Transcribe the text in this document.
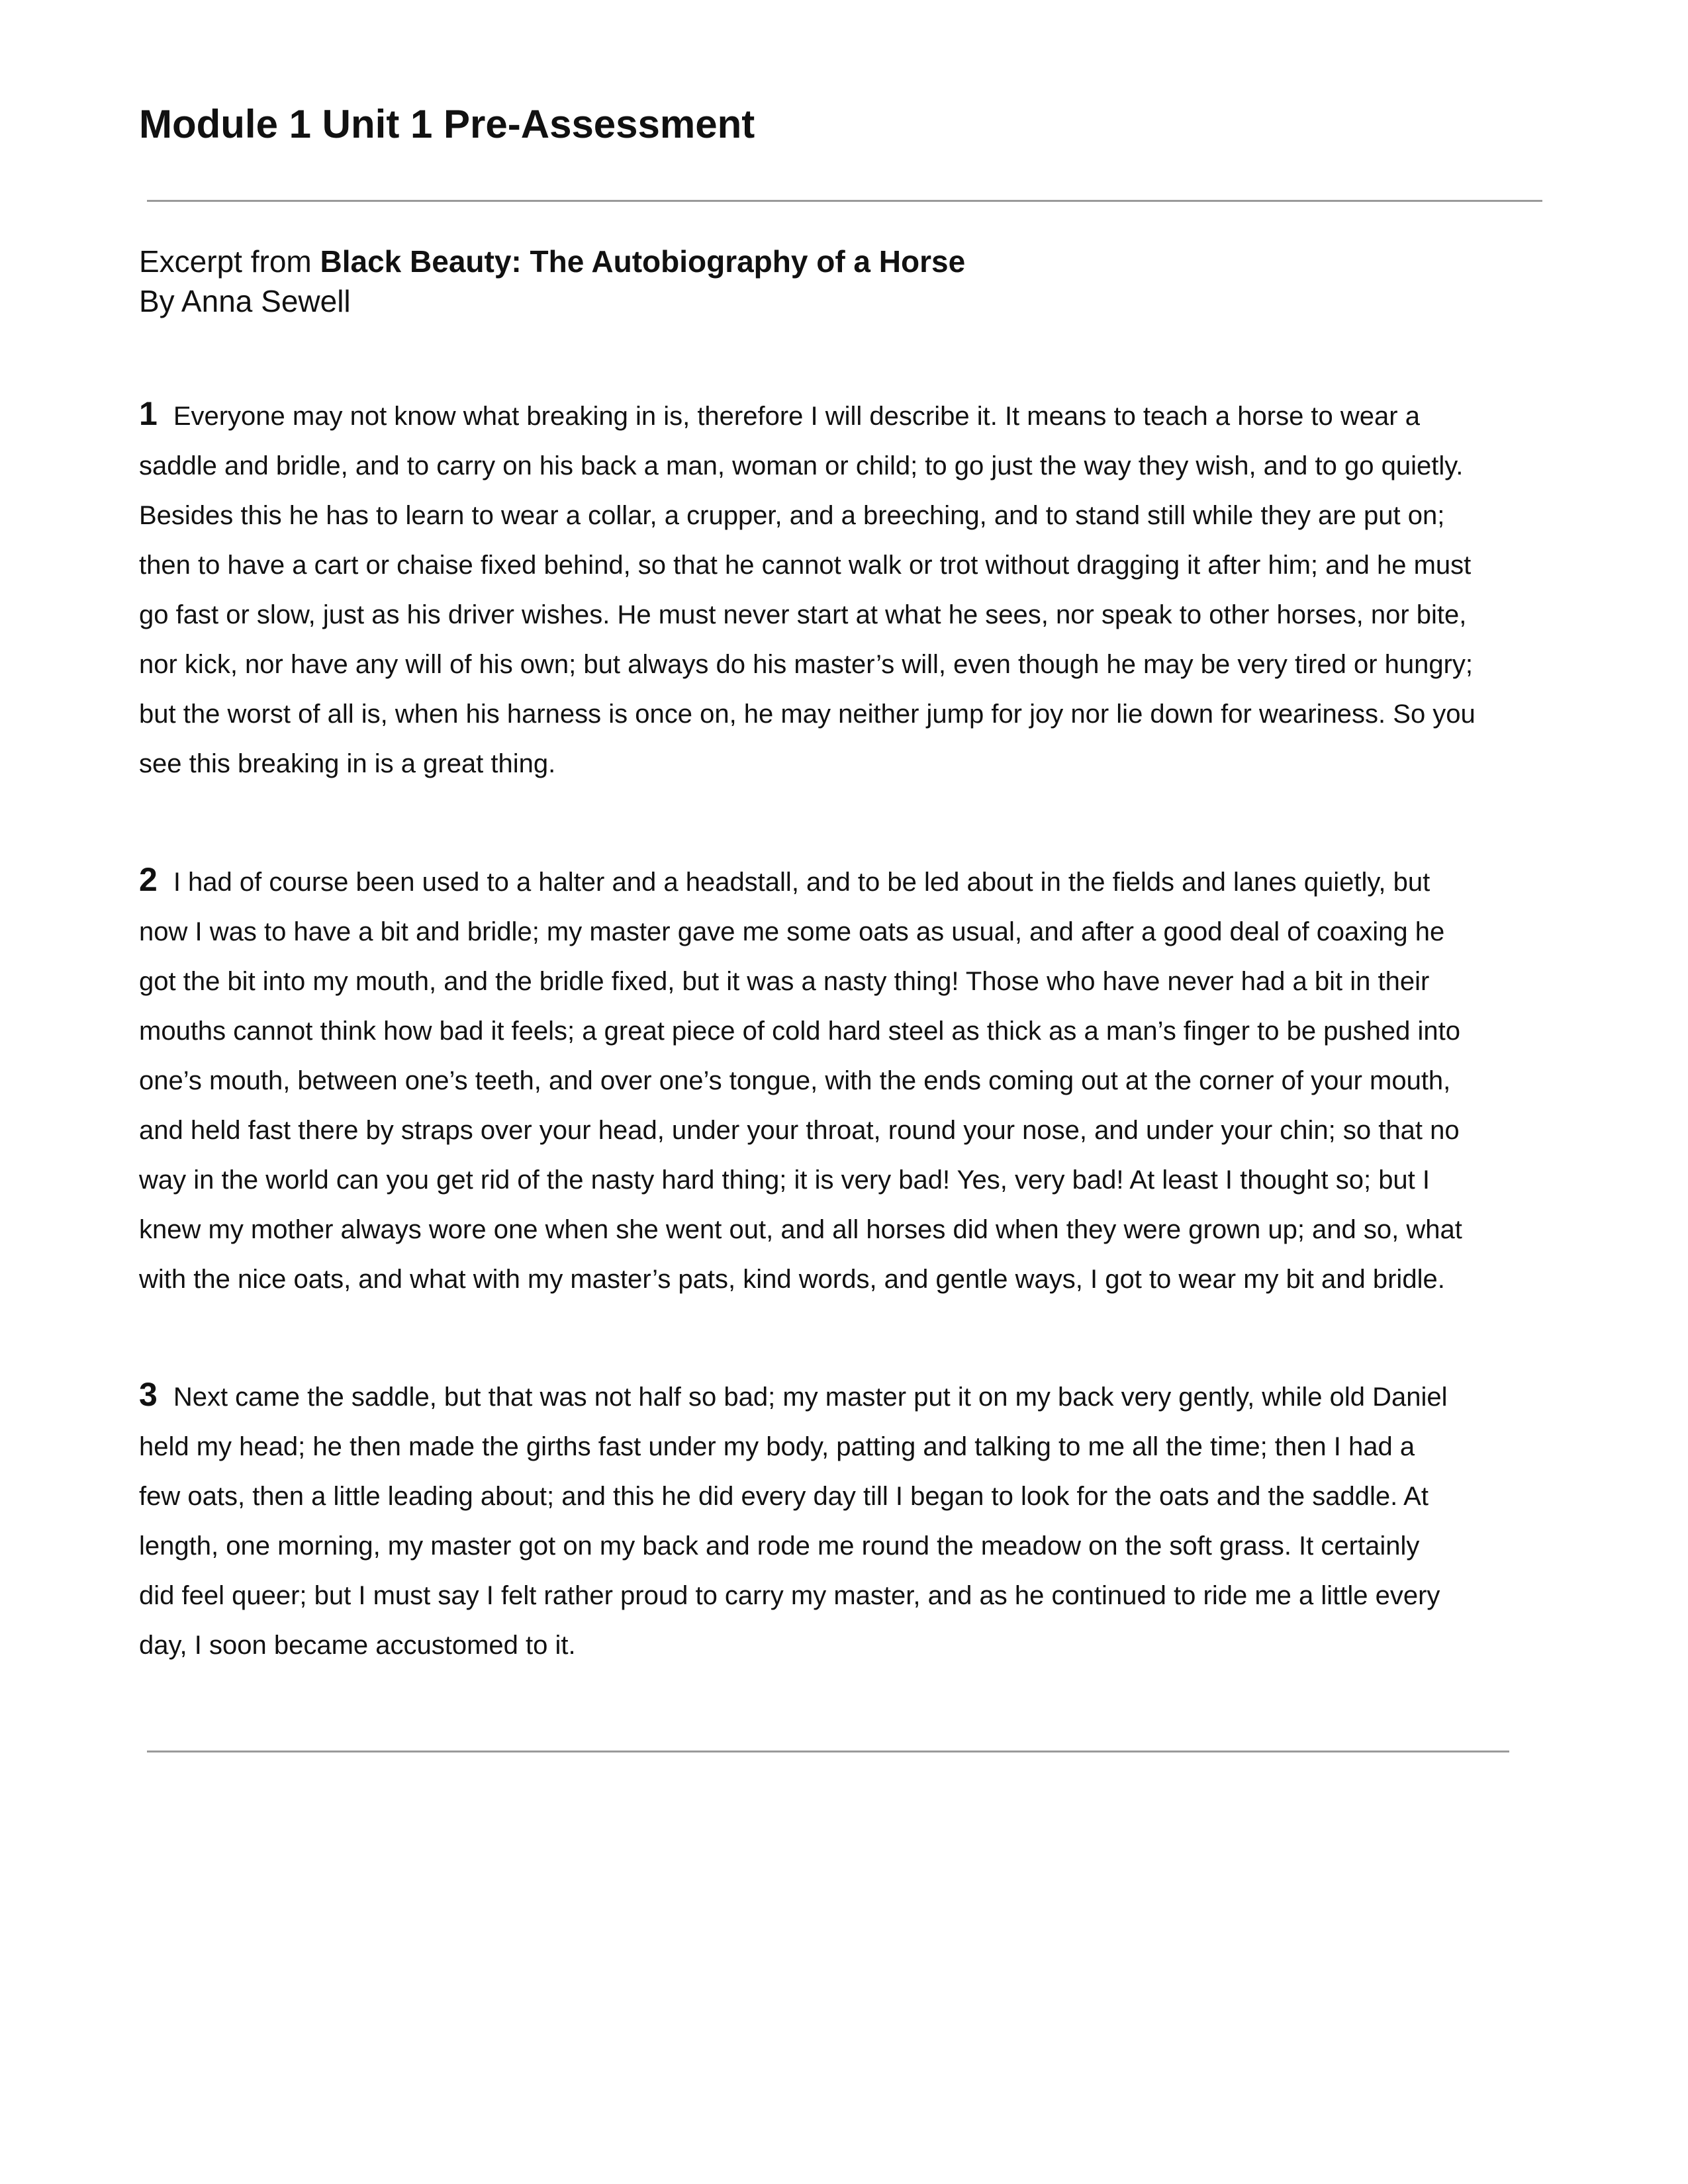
Module 1 Unit 1 Pre-Assessment
Excerpt from Black Beauty: The Autobiography of a Horse
By Anna Sewell
1 Everyone may not know what breaking in is, therefore I will describe it. It means to teach a horse to wear a
saddle and bridle, and to carry on his back a man, woman or child; to go just the way they wish, and to go quietly.
Besides this he has to learn to wear a collar, a crupper, and a breeching, and to stand still while they are put on;
then to have a cart or chaise fixed behind, so that he cannot walk or trot without dragging it after him; and he must
go fast or slow, just as his driver wishes. He must never start at what he sees, nor speak to other horses, nor bite,
nor kick, nor have any will of his own; but always do his master’s will, even though he may be very tired or hungry;
but the worst of all is, when his harness is once on, he may neither jump for joy nor lie down for weariness. So you
see this breaking in is a great thing.
2 I had of course been used to a halter and a headstall, and to be led about in the fields and lanes quietly, but
now I was to have a bit and bridle; my master gave me some oats as usual, and after a good deal of coaxing he
got the bit into my mouth, and the bridle fixed, but it was a nasty thing! Those who have never had a bit in their
mouths cannot think how bad it feels; a great piece of cold hard steel as thick as a man’s finger to be pushed into
one’s mouth, between one’s teeth, and over one’s tongue, with the ends coming out at the corner of your mouth,
and held fast there by straps over your head, under your throat, round your nose, and under your chin; so that no
way in the world can you get rid of the nasty hard thing; it is very bad! Yes, very bad! At least I thought so; but I
knew my mother always wore one when she went out, and all horses did when they were grown up; and so, what
with the nice oats, and what with my master’s pats, kind words, and gentle ways, I got to wear my bit and bridle.
3 Next came the saddle, but that was not half so bad; my master put it on my back very gently, while old Daniel
held my head; he then made the girths fast under my body, patting and talking to me all the time; then I had a
few oats, then a little leading about; and this he did every day till I began to look for the oats and the saddle. At
length, one morning, my master got on my back and rode me round the meadow on the soft grass. It certainly
did feel queer; but I must say I felt rather proud to carry my master, and as he continued to ride me a little every
day, I soon became accustomed to it.
